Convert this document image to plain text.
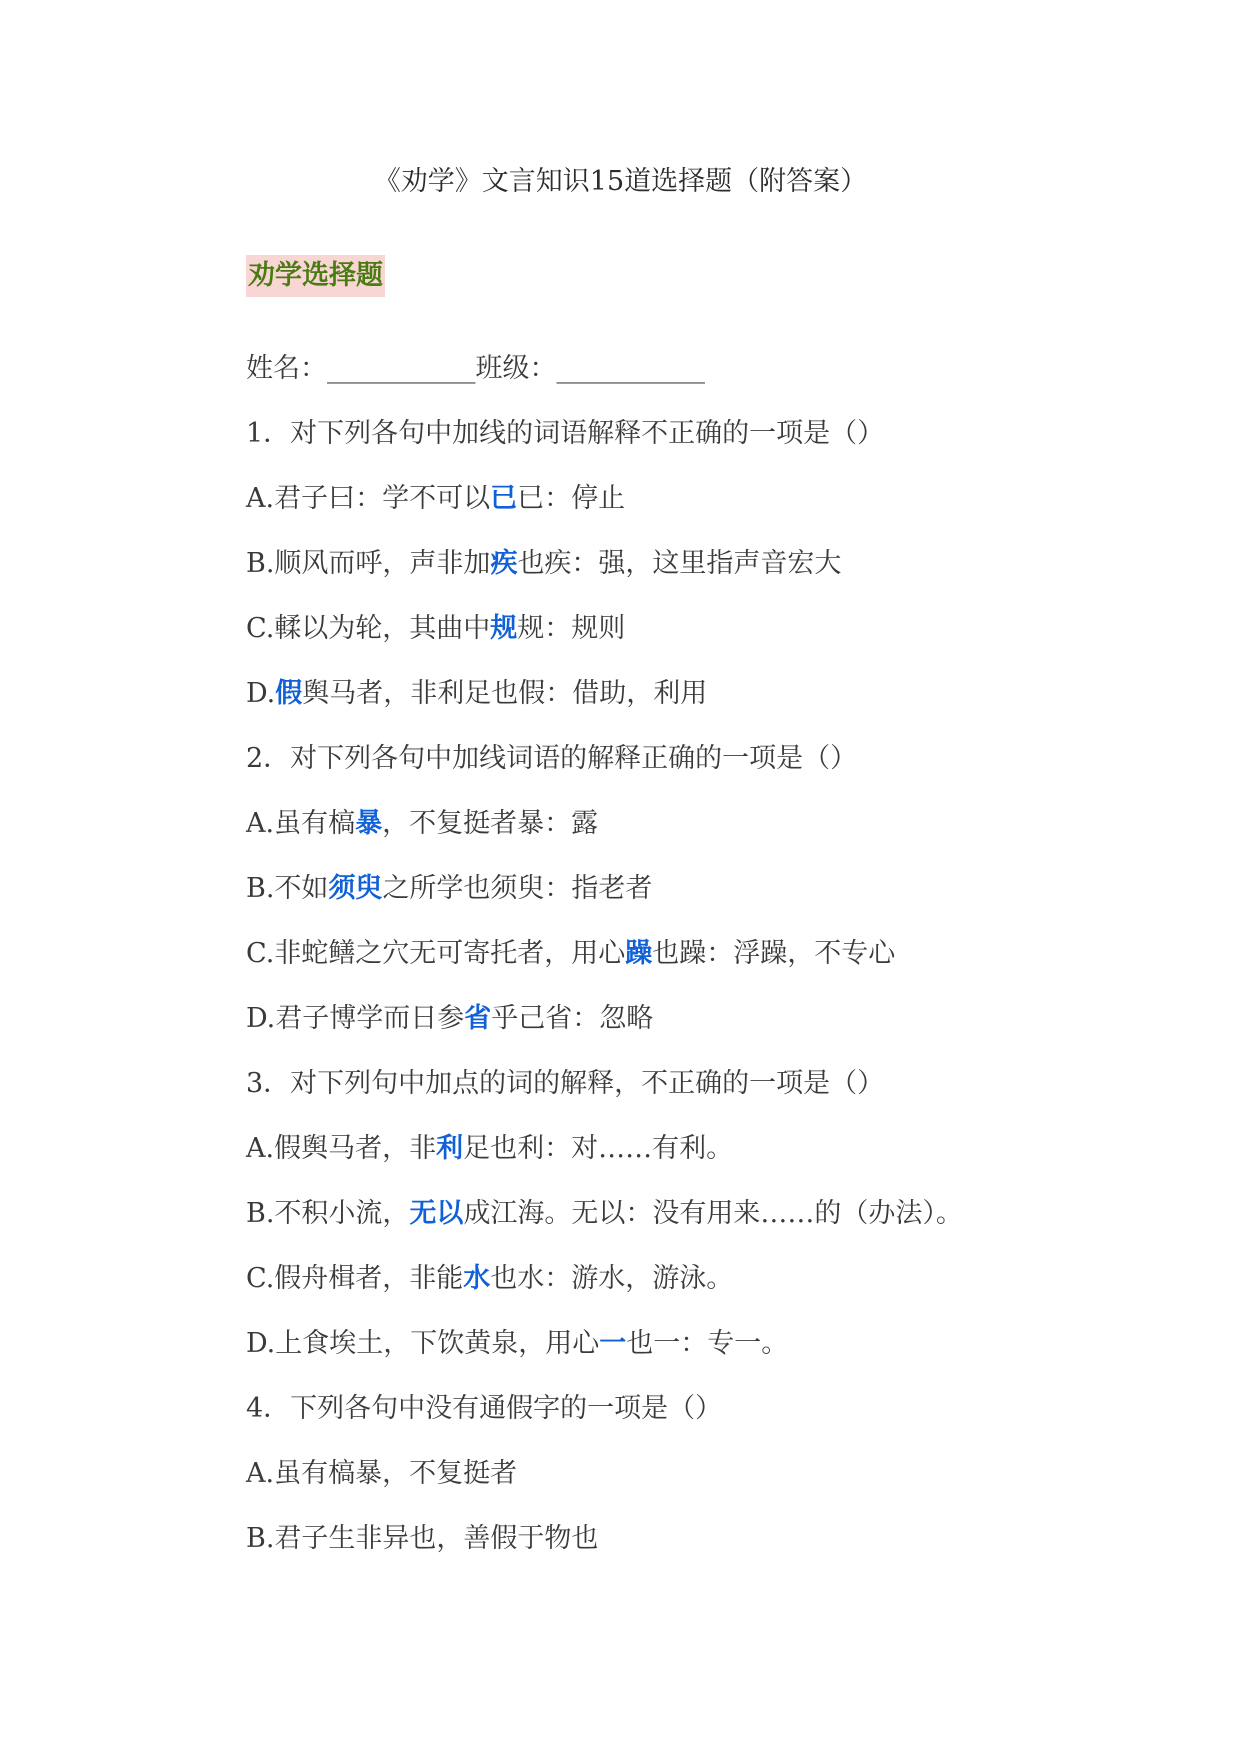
《劝学》文言知识15道选择题（附答案）
劝学选择题
姓名：___________班级：___________
1．对下列各句中加线的词语解释不正确的一项是（）
A.君子曰：学不可以已已：停止
B.顺风而呼，声非加疾也疾：强，这里指声音宏大
C.輮以为轮，其曲中规规：规则
D.假舆马者，非利足也假：借助，利用
2．对下列各句中加线词语的解释正确的一项是（）
A.虽有槁暴，不复挺者暴：露
B.不如须臾之所学也须臾：指老者
C.非蛇鳝之穴无可寄托者，用心躁也躁：浮躁，不专心
D.君子博学而日参省乎己省：忽略
3．对下列句中加点的词的解释，不正确的一项是（）
A.假舆马者，非利足也利：对……有利。
B.不积小流，无以成江海。无以：没有用来……的（办法）。
C.假舟楫者，非能水也水：游水，游泳。
D.上食埃土，下饮黄泉，用心一也一：专一。
4．下列各句中没有通假字的一项是（）
A.虽有槁暴，不复挺者
B.君子生非异也，善假于物也
